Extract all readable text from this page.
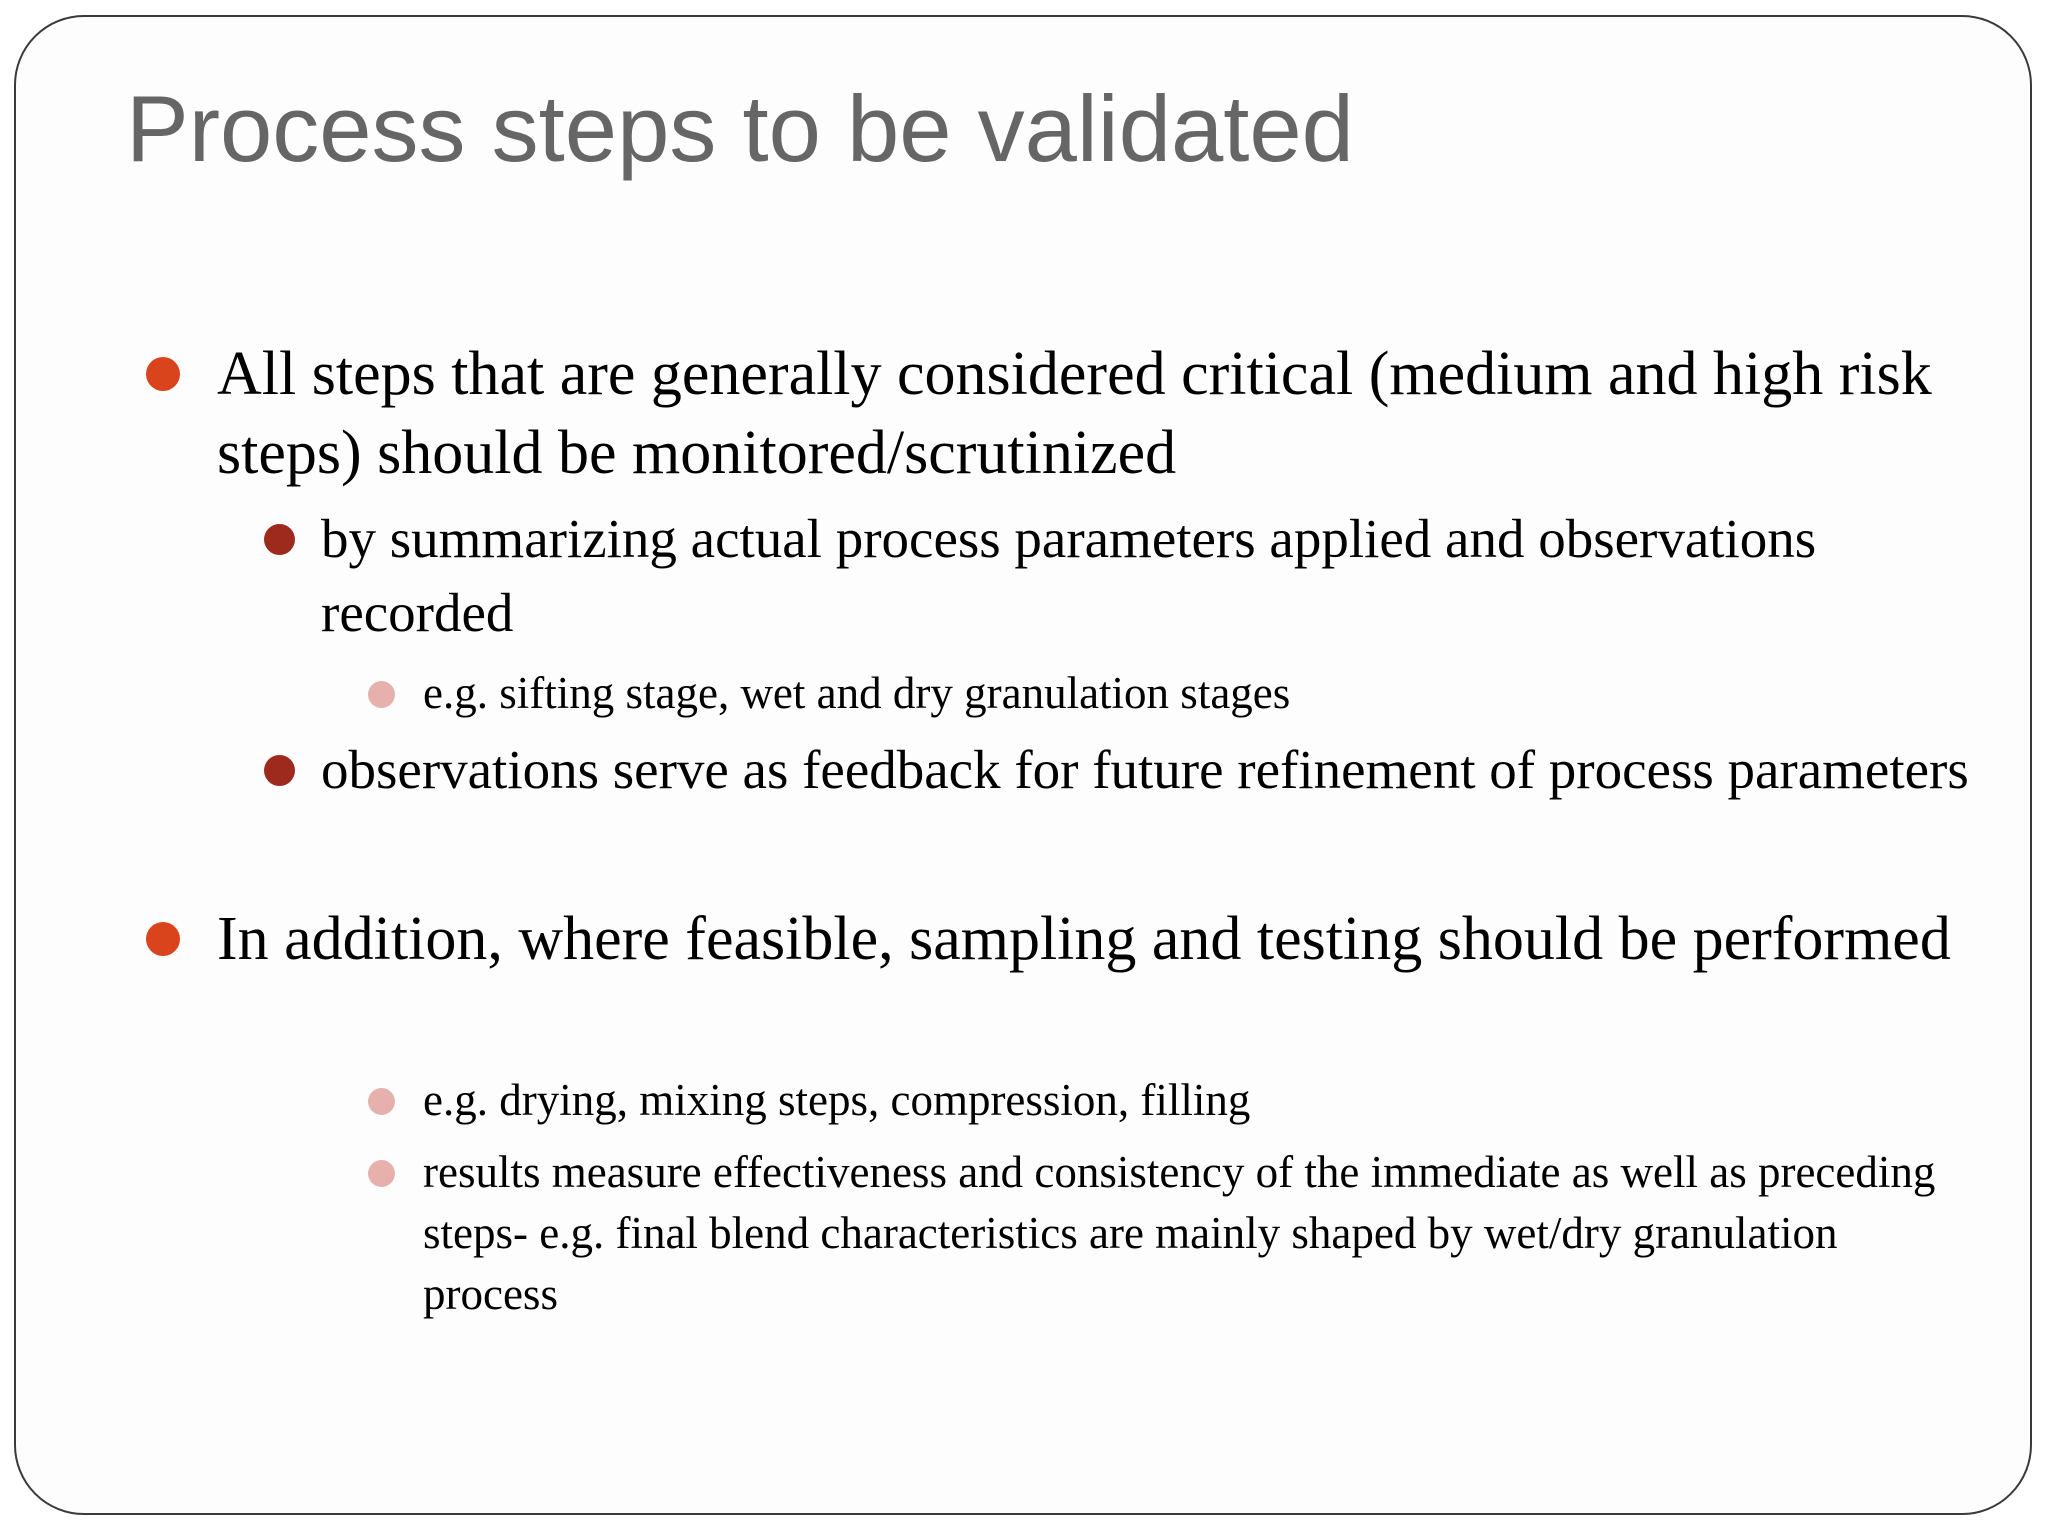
Process steps to be validated
All steps that are generally considered critical (medium and high risk steps) should be monitored/scrutinized
by summarizing actual process parameters applied and observations recorded
e.g. sifting stage, wet and dry granulation stages
observations serve as feedback for future refinement of process parameters
In addition, where feasible, sampling and testing should be performed
e.g. drying, mixing steps, compression, filling
results measure effectiveness and consistency of the immediate as well as preceding steps- e.g. final blend characteristics are mainly shaped by wet/dry granulation process
